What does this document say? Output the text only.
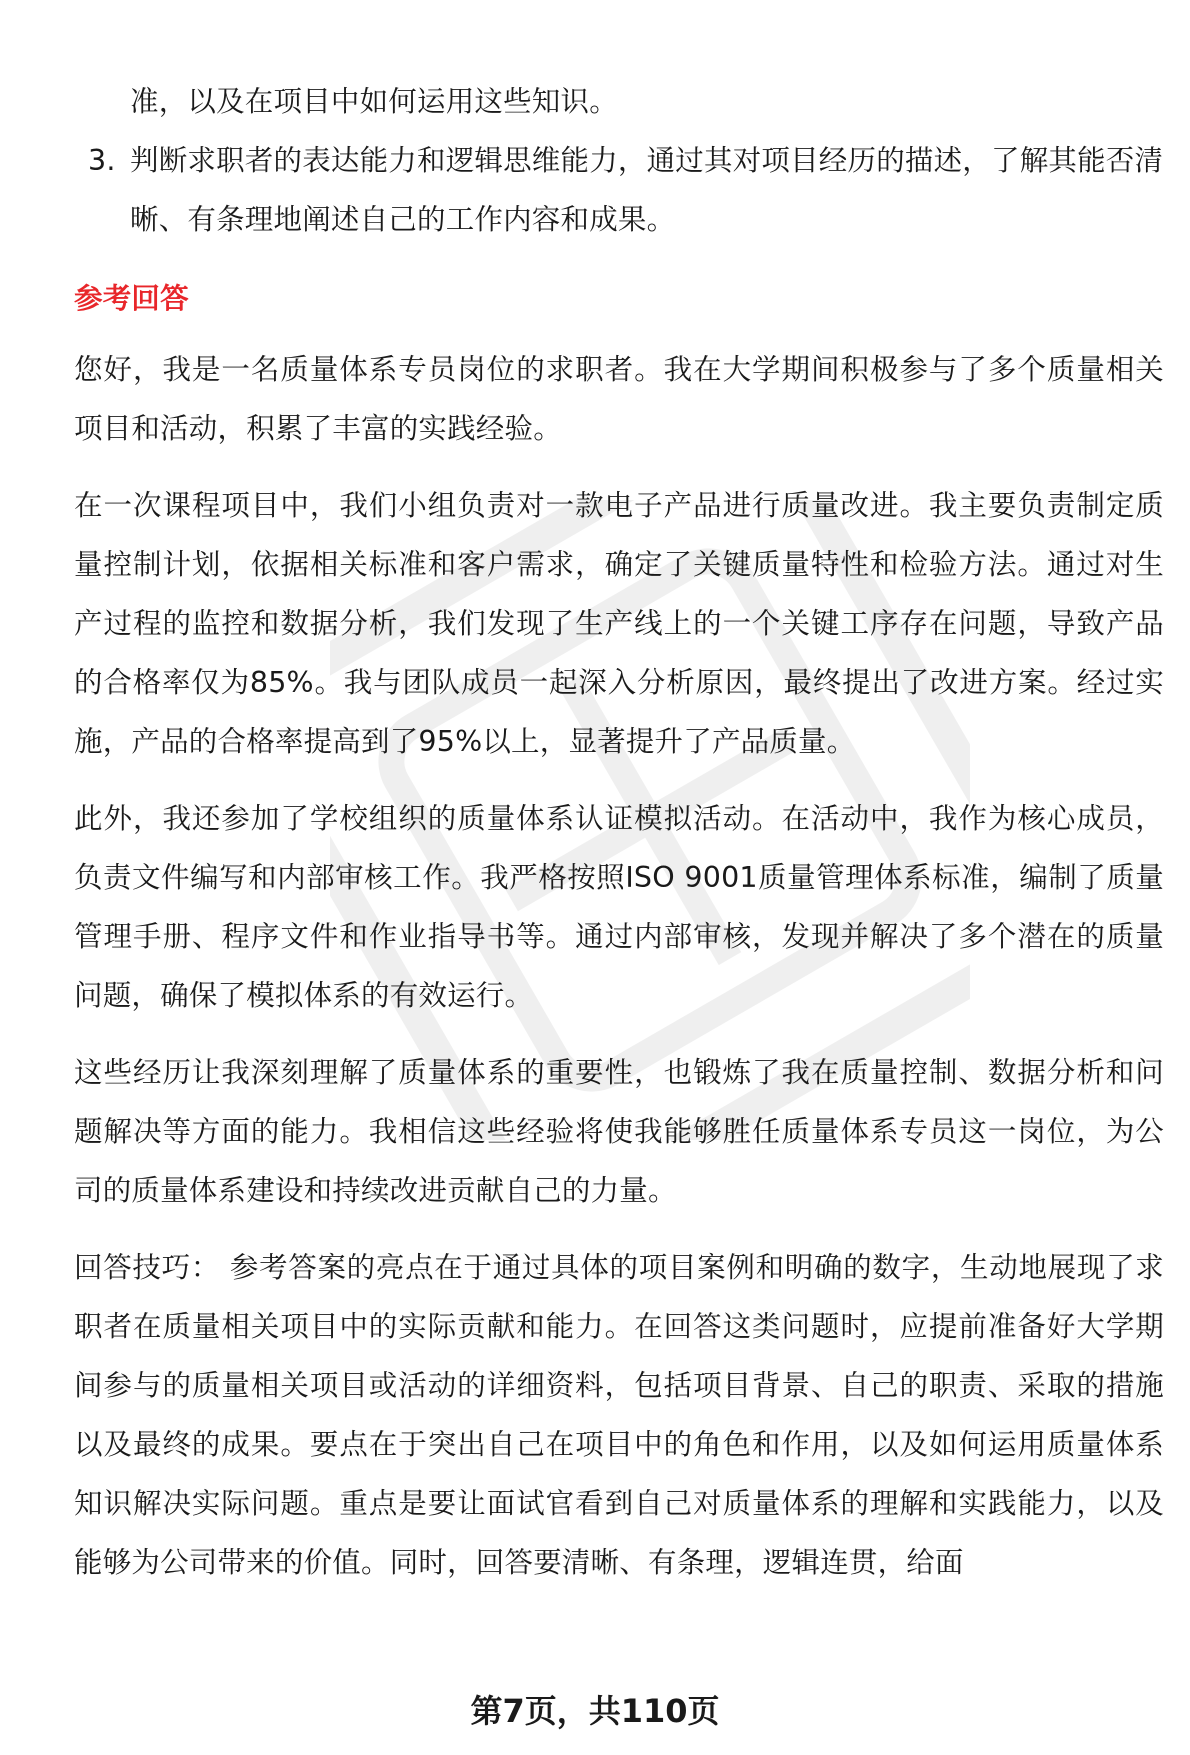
准，以及在项目中如何运用这些知识。

3. 判断求职者的表达能力和逻辑思维能力，通过其对项目经历的描述，了解其能否清晰、有条理地阐述自己的工作内容和成果。
参考回答

您好，我是一名质量体系专员岗位的求职者。我在大学期间积极参与了多个质量相关项目和活动，积累了丰富的实践经验。

在一次课程项目中，我们小组负责对一款电子产品进行质量改进。我主要负责制定质量控制计划，依据相关标准和客户需求，确定了关键质量特性和检验方法。通过对生产过程的监控和数据分析，我们发现了生产线上的一个关键工序存在问题，导致产品的合格率仅为85%。我与团队成员一起深入分析原因，最终提出了改进方案。经过实施，产品的合格率提高到了95%以上，显著提升了产品质量。

此外，我还参加了学校组织的质量体系认证模拟活动。在活动中，我作为核心成员，负责文件编写和内部审核工作。我严格按照ISO 9001质量管理体系标准，编制了质量管理手册、程序文件和作业指导书等。通过内部审核，发现并解决了多个潜在的质量问题，确保了模拟体系的有效运行。

这些经历让我深刻理解了质量体系的重要性，也锻炼了我在质量控制、数据分析和问题解决等方面的能力。我相信这些经验将使我能够胜任质量体系专员这一岗位，为公司的质量体系建设和持续改进贡献自己的力量。

回答技巧： 参考答案的亮点在于通过具体的项目案例和明确的数字，生动地展现了求职者在质量相关项目中的实际贡献和能力。在回答这类问题时，应提前准备好大学期间参与的质量相关项目或活动的详细资料，包括项目背景、自己的职责、采取的措施以及最终的成果。要点在于突出自己在项目中的角色和作用，以及如何运用质量体系知识解决实际问题。重点是要让面试官看到自己对质量体系的理解和实践能力，以及能够为公司带来的价值。同时，回答要清晰、有条理，逻辑连贯，给面

第7页，共110页
